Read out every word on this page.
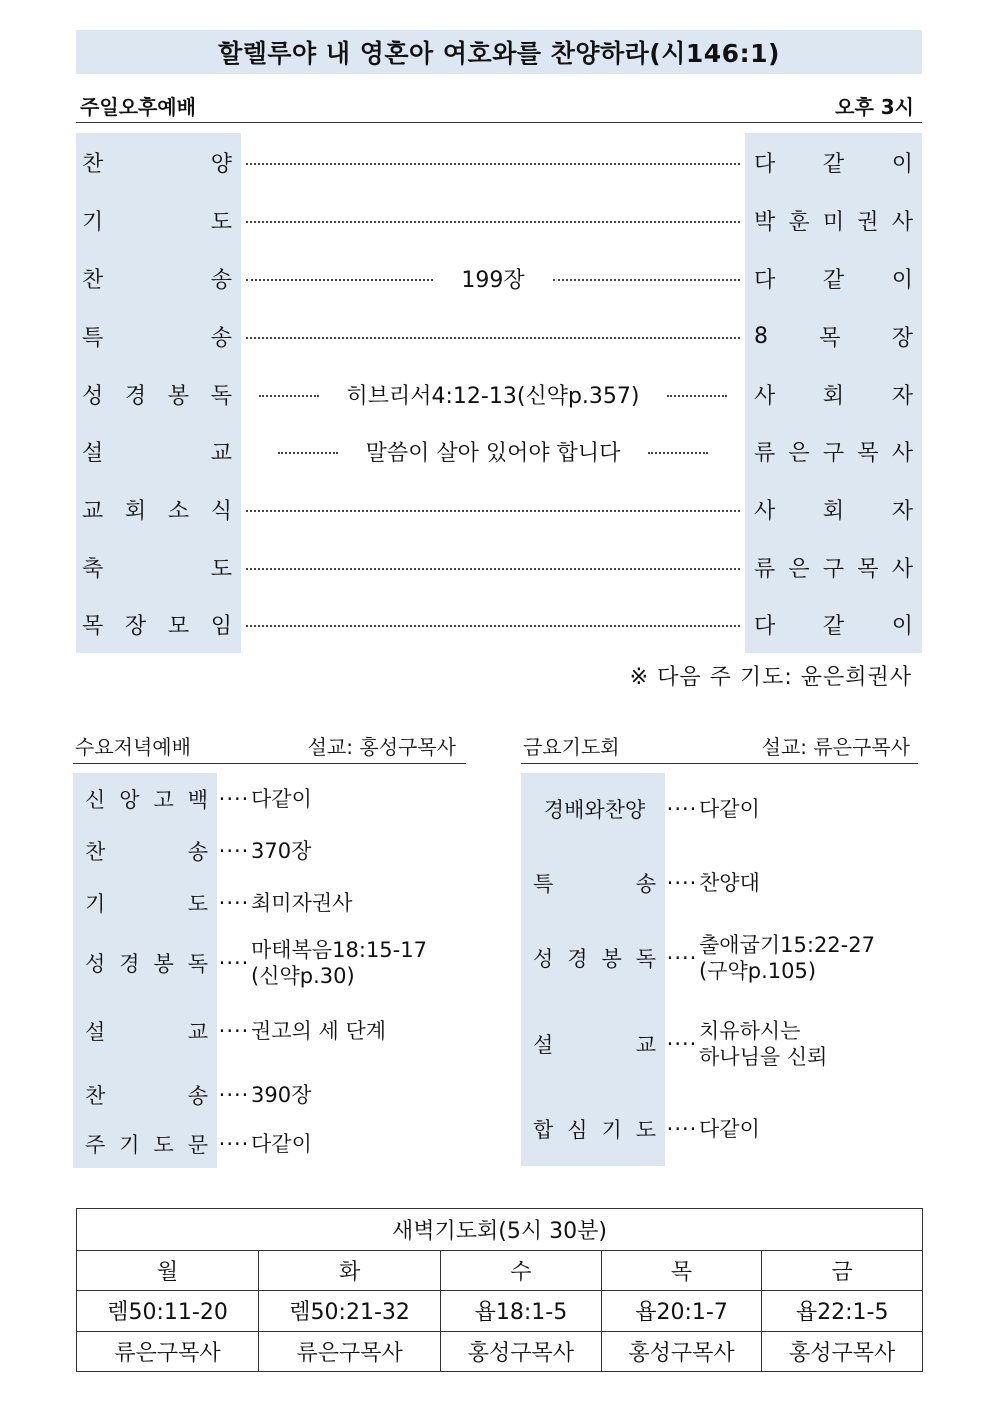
할렐루야 내 영혼아 여호와를 찬양하라(시146:1)
주일오후예배	오후 3시
찬	양	다 같 이
기	도	박 훈 미 권 사
찬	송	199장	다 같 이
특	송	8 목 장
성 경 봉 독	히브리서4:12-13(신약p.357)	사 회 자
설	교	말씀이 살아 있어야 합니다	류 은 구 목 사
교 회 소 식	사 회 자
축	도	류 은 구 목 사
목 장 모 임	다 같 이
※ 다음 주 기도: 윤은희권사
수요저녁예배	설교: 홍성구목사
신 앙 고 백 ···· 다같이
찬	송 ···· 370장
기	도 ···· 최미자권사
성 경 봉 독 ····
마태복음18:15-17
(신약p.30)
설	교 ···· 권고의 세 단계
찬	송 ···· 390장
주 기 도 문 ···· 다같이
금요기도회	설교: 류은구목사
경배와찬양 ···· 다같이
특	송 ···· 찬양대
성 경 봉 독 ····
출애굽기15:22-27
(구약p.105)
설	교 ····
치유하시는
하나님을 신뢰
합 심 기 도 ···· 다같이
새벽기도회(5시 30분)				
월	화	수	목	금
렘50:11-20	렘50:21-32	욥18:1-5	욥20:1-7	욥22:1-5
류은구목사	류은구목사	홍성구목사	홍성구목사	홍성구목사
